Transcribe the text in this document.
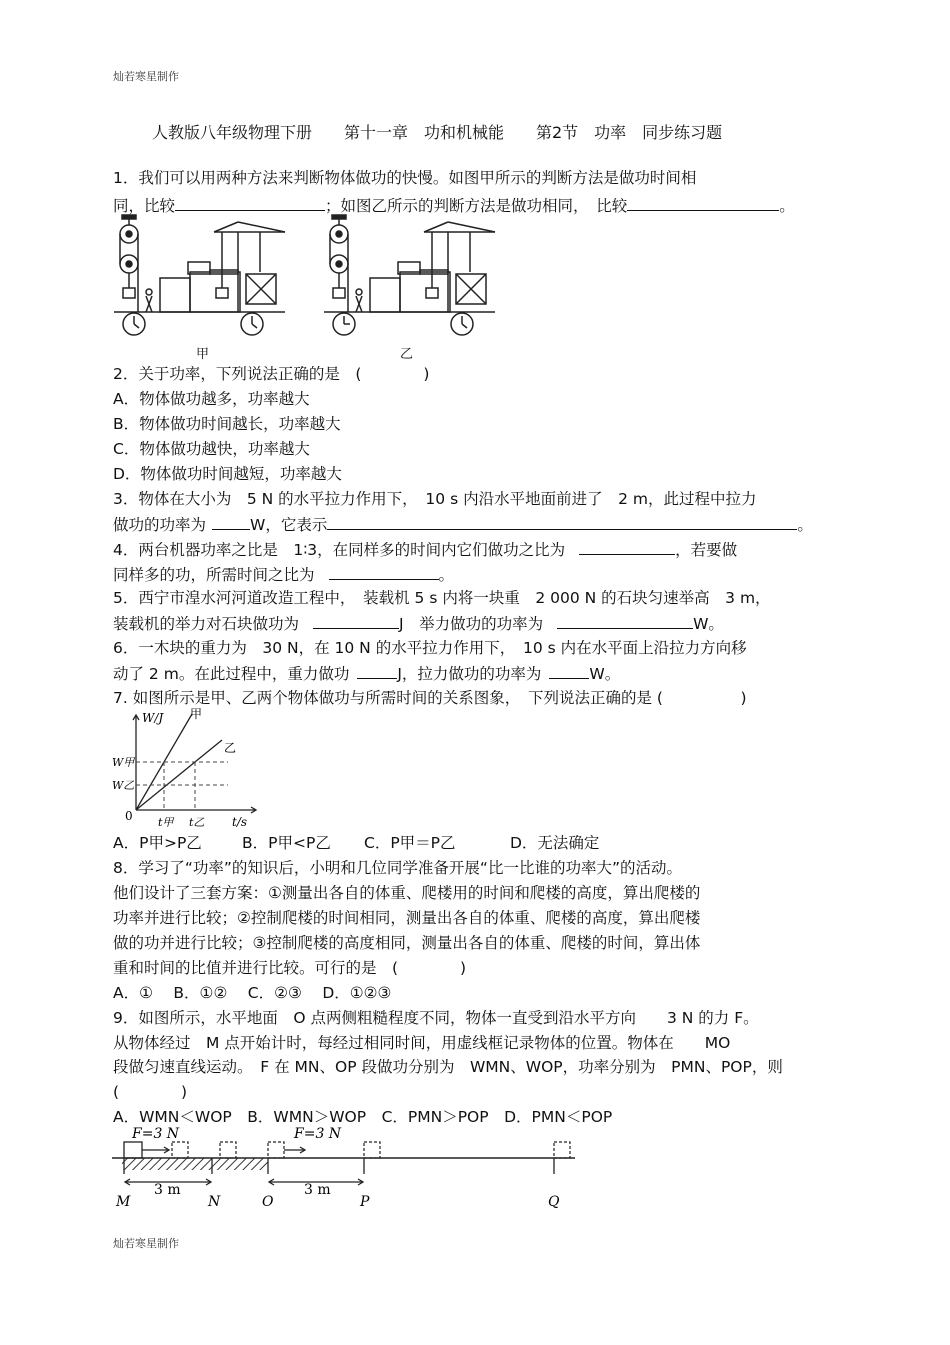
灿若寒星制作
人教版八年级物理下册　　第十一章　功和机械能　　第2节　功率　同步练习题
1．我们可以用两种方法来判断物体做功的快慢。如图甲所示的判断方法是做功时间相
同，比较	；如图乙所示的判断方法是做功相同，　比较	。
甲	乙
2．关于功率，下列说法正确的是　(　　　　)
A．物体做功越多，功率越大
B．物体做功时间越长，功率越大
C．物体做功越快，功率越大
D．物体做功时间越短，功率越大
3．物体在大小为　5 N 的水平拉力作用下，　10 s 内沿水平地面前进了　2 m，此过程中拉力
做功的功率为	W，它表示	。
4．两台机器功率之比是　1∶3，在同样多的时间内它们做功之比为	，若要做
同样多的功，所需时间之比为	。
5．西宁市湟水河河道改造工程中，　装载机 5 s 内将一块重　2 000 N 的石块匀速举高　3 m，
装载机的举力对石块做功为	J　举力做功的功率为	W。
6．一木块的重力为　30 N，在 10 N 的水平拉力作用下，　10 s 内在水平面上沿拉力方向移
动了 2 m。在此过程中，重力做功	J，拉力做功的功率为	W。
7. 如图所示是甲、乙两个物体做功与所需时间的关系图象，　下列说法正确的是 (　　　　　)
W/J 甲
乙
W甲
W乙
0 t甲 t乙 t/s
A．P甲>P乙	B．P甲<P乙 C．P甲＝P乙	D．无法确定
8．学习了“功率”的知识后，小明和几位同学准备开展“比一比谁的功率大”的活动。
他们设计了三套方案：①测量出各自的体重、爬楼用的时间和爬楼的高度，算出爬楼的
功率并进行比较；②控制爬楼的时间相同，测量出各自的体重、爬楼的高度，算出爬楼
做的功并进行比较；③控制爬楼的高度相同，测量出各自的体重、爬楼的时间，算出体
重和时间的比值并进行比较。可行的是　(　　　　)
A．①　 B．①②　 C．②③　 D．①②③
9．如图所示，水平地面　O 点两侧粗糙程度不同，物体一直受到沿水平方向　　3 N 的力 F。
从物体经过　M 点开始计时，每经过相同时间，用虚线框记录物体的位置。物体在　　MO
段做匀速直线运动。　F 在 MN、OP 段做功分别为　WMN、WOP，功率分别为　PMN、POP，则
(　　　　)
A．WMN＜WOP　B．WMN＞WOP　C．PMN＞POP　D．PMN＜POP
F=3 N	F=3 N
3 m	3 m
M	N	O	P	Q
灿若寒星制作
